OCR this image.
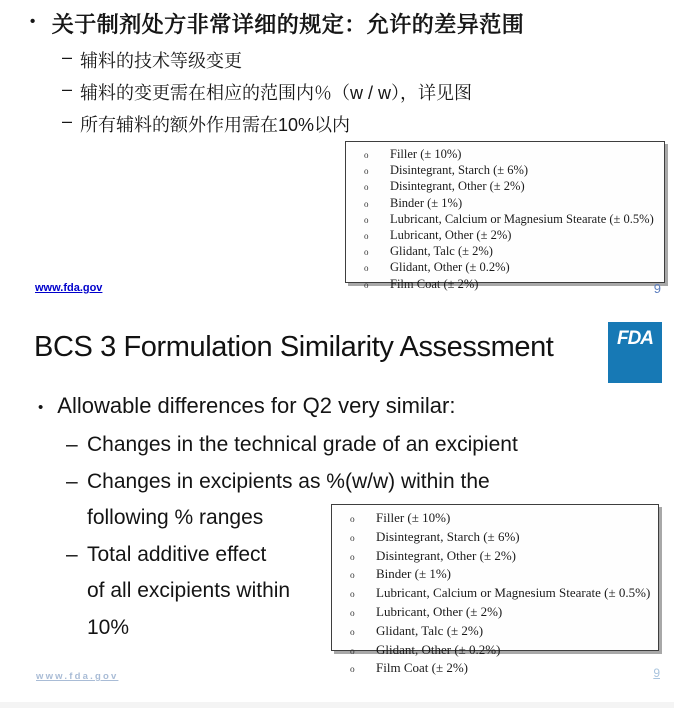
• 关于制剂处方非常详细的规定：允许的差异范围
– 辅料的技术等级变更
– 辅料的变更需在相应的范围内％（w / w），详见图
– 所有辅料的额外作用需在10%以内
o	Filler (± 10%)
o	Disintegrant, Starch (± 6%)
o	Disintegrant, Other (± 2%)
o	Binder (± 1%)
o	Lubricant, Calcium or Magnesium Stearate (± 0.5%)
o	Lubricant, Other (± 2%)
o	Glidant, Talc (± 2%)
o	Glidant, Other (± 0.2%)
o	Film Coat (± 2%)
www.fda.gov	9
FDA
BCS 3 Formulation Similarity Assessment
• Allowable differences for Q2 very similar:
– Changes in the technical grade of an excipient
– Changes in excipients as %(w/w) within the
following % ranges
– Total additive effect
of all excipients within
10%
o	Filler (± 10%)
o	Disintegrant, Starch (± 6%)
o	Disintegrant, Other (± 2%)
o	Binder (± 1%)
o	Lubricant, Calcium or Magnesium Stearate (± 0.5%)
o	Lubricant, Other (± 2%)
o	Glidant, Talc (± 2%)
o	Glidant, Other (± 0.2%)
o	Film Coat (± 2%)
www.fda.gov	9
